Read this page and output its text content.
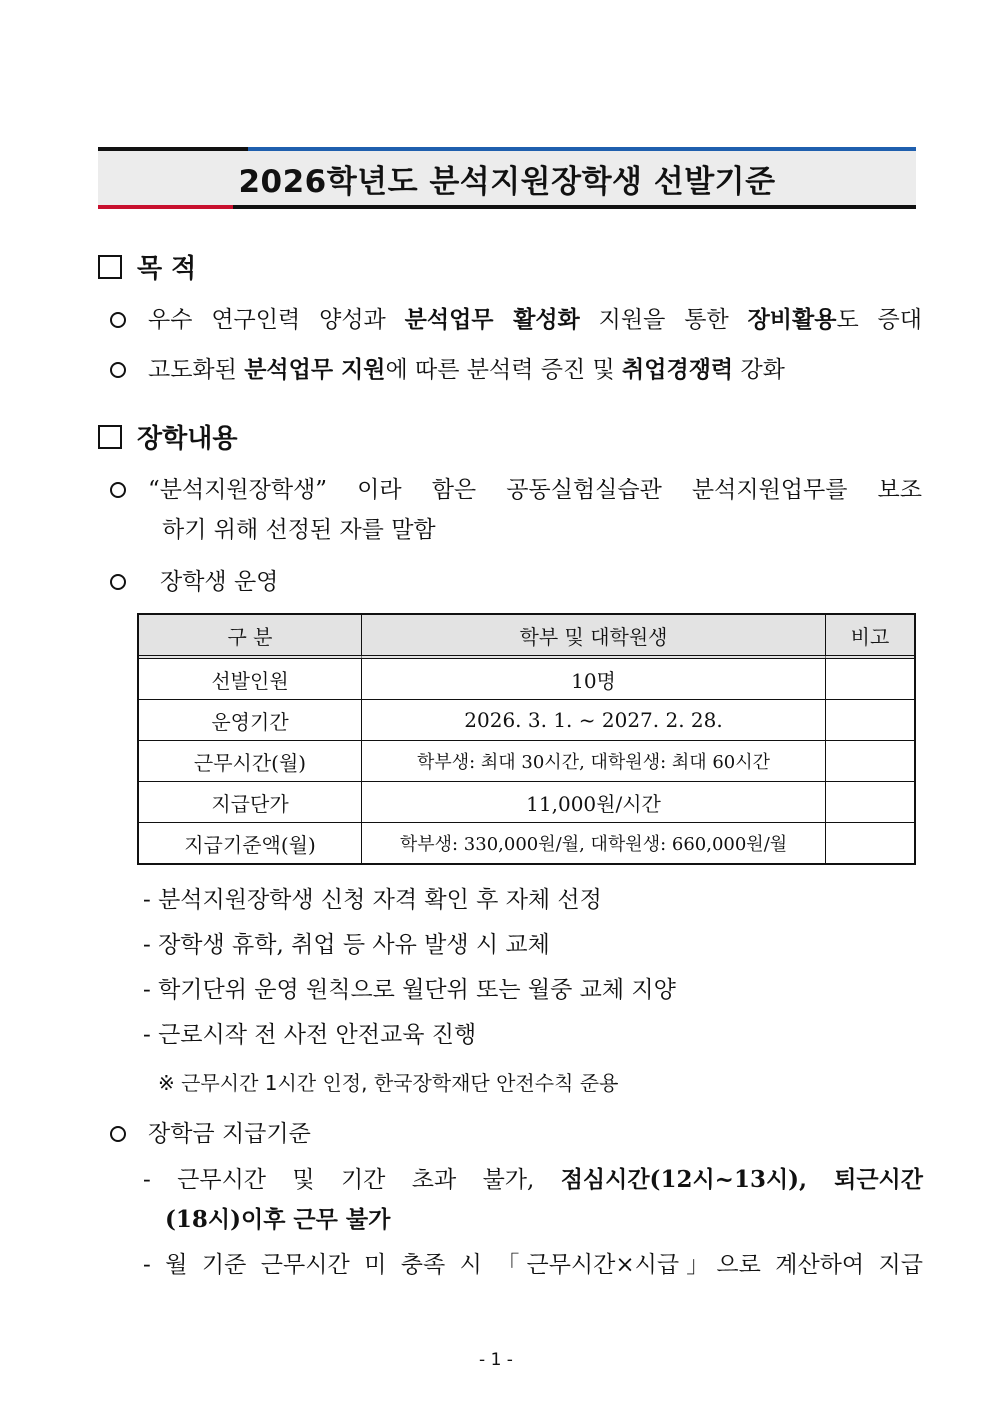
2026학년도 분석지원장학생 선발기준
목 적
우수 연구인력 양성과 분석업무 활성화 지원을 통한 장비활용도 증대
고도화된 분석업무 지원에 따른 분석력 증진 및 취업경쟁력 강화
장학내용
“분석지원장학생” 이라 함은 공동실험실습관 분석지원업무를 보조
하기 위해 선정된 자를 말함
장학생 운영
구 분	학부 및 대학원생	비고
선발인원	10명	
운영기간	2026. 3. 1. ~ 2027. 2. 28.	
근무시간(월)	학부생: 최대 30시간, 대학원생: 최대 60시간	
지급단가	11,000원/시간	
지급기준액(월)	학부생: 330,000원/월, 대학원생: 660,000원/월	
- 분석지원장학생 신청 자격 확인 후 자체 선정
- 장학생 휴학, 취업 등 사유 발생 시 교체
- 학기단위 운영 원칙으로 월단위 또는 월중 교체 지양
- 근로시작 전 사전 안전교육 진행
※ 근무시간 1시간 인정, 한국장학재단 안전수칙 준용
장학금 지급기준
- 근무시간 및 기간 초과 불가, 점심시간(12시~13시), 퇴근시간
(18시)이후 근무 불가
- 월 기준 근무시간 미 충족 시 「근무시간×시급」으로 계산하여 지급
- 1 -
